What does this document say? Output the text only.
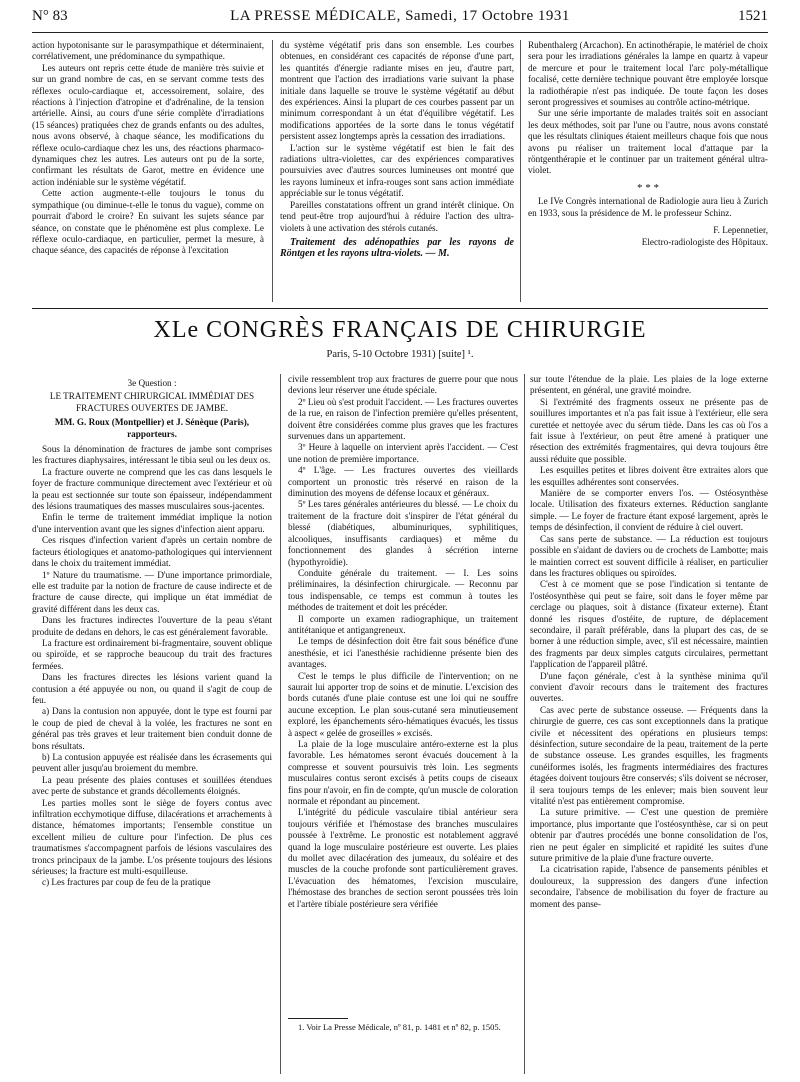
N° 83	LA PRESSE MÉDICALE, Samedi, 17 Octobre 1931	1521

action hypotonisante sur le parasympathique et déterminaient, corrélativement, une prédominance du sympathique.

Les auteurs ont repris cette étude de manière très suivie et sur un grand nombre de cas, en se servant comme tests des réflexes oculo-cardiaque et, accessoirement, solaire, des réactions à l'injection d'atropine et d'adrénaline, de la tension artérielle. Ainsi, au cours d'une série complète d'irradiations (15 séances) pratiquées chez de grands enfants ou des adultes, nous avons observé, à chaque séance, les modifications du réflexe oculo-cardiaque chez les uns, des réactions pharmaco-dynamiques chez les autres. Les auteurs ont pu de la sorte, confirmant les résultats de Garot, mettre en évidence une action indéniable sur le système végétatif.

Cette action augmente-t-elle toujours le tonus du sympathique (ou diminue-t-elle le tonus du vague), comme on pourrait d'abord le croire? En suivant les sujets séance par séance, on constate que le phénomène est plus complexe. Le réflexe oculo-cardiaque, en particulier, permet la mesure, à chaque séance, des capacités de réponse à l'excitation

du système végétatif pris dans son ensemble. Les courbes obtenues, en considérant ces capacités de réponse d'une part, les quantités d'énergie radiante mises en jeu, d'autre part, montrent que l'action des irradiations varie suivant la phase initiale dans laquelle se trouve le système végétatif au début des expériences. Ainsi la plupart de ces courbes passent par un minimum correspondant à un état d'équilibre végétatif. Les modifications apportées de la sorte dans le tonus végétatif persistent assez longtemps après la cessation des irradiations.

L'action sur le système végétatif est bien le fait des radiations ultra-violettes, car des expériences comparatives poursuivies avec d'autres sources lumineuses ont montré que les rayons lumineux et infra-rouges sont sans action immédiate appréciable sur le tonus végétatif.

Pareilles constatations offrent un grand intérêt clinique. On tend peut-être trop aujourd'hui à réduire l'action des ultra-violets à une activation des stérols cutanés.

Traitement des adénopathies par les rayons de Röntgen et les rayons ultra-violets. — M.

Rubenthalerg (Arcachon). En actinothérapie, le matériel de choix sera pour les irradiations générales la lampe en quartz à vapeur de mercure et pour le traitement local l'arc poly-métallique focalisé, cette dernière technique pouvant être employée lorsque la radiothérapie n'est pas indiquée. De toute façon les doses seront progressives et soumises au contrôle actino-métrique.

Sur une série importante de malades traités soit en associant les deux méthodes, soit par l'une ou l'autre, nous avons constaté que les résultats cliniques étaient meilleurs chaque fois que nous avons pu réaliser un traitement local d'attaque par la röntgenthérapie et le continuer par un traitement général ultra-violet.

* * *

Le IVe Congrès international de Radiologie aura lieu à Zurich en 1933, sous la présidence de M. le professeur Schinz.

F. Lepennetier,

Electro-radiologiste des Hôpitaux.

XLe CONGRÈS FRANÇAIS DE CHIRURGIE
Paris, 5-10 Octobre 1931) [suite] ¹.

3e Question :

LE TRAITEMENT CHIRURGICAL IMMÉDIAT DES FRACTURES OUVERTES DE JAMBE.

MM. G. Roux (Montpellier) et J. Sénèque (Paris), rapporteurs.

Sous la dénomination de fractures de jambe sont comprises les fractures diaphysaires, intéressant le tibia seul ou les deux os.

La fracture ouverte ne comprend que les cas dans lesquels le foyer de fracture communique directement avec l'extérieur et où la peau est sectionnée sur toute son épaisseur, indépendamment des lésions traumatiques des masses musculaires sous-jacentes.

Enfin le terme de traitement immédiat implique la notion d'une intervention avant que les signes d'infection aient apparu.

Ces risques d'infection varient d'après un certain nombre de facteurs étiologiques et anatomo-pathologiques qui interviennent dans le choix du traitement immédiat.

1º Nature du traumatisme. — D'une importance primordiale, elle est traduite par la notion de fracture de cause indirecte et de fracture de cause directe, qui implique un état immédiat de gravité différent dans les deux cas.

Dans les fractures indirectes l'ouverture de la peau s'étant produite de dedans en dehors, le cas est généralement favorable.

La fracture est ordinairement bi-fragmentaire, souvent oblique ou spiroïde, et se rapproche beaucoup du trait des fractures fermées.

Dans les fractures directes les lésions varient quand la contusion a été appuyée ou non, ou quand il s'agit de coup de feu.

a) Dans la contusion non appuyée, dont le type est fourni par le coup de pied de cheval à la volée, les fractures ne sont en général pas très graves et leur traitement bien conduit donne de bons résultats.

b) La contusion appuyée est réalisée dans les écrasements qui peuvent aller jusqu'au broiement du membre.

La peau présente des plaies contuses et souillées étendues avec perte de substance et grands décollements éloignés.

Les parties molles sont le siège de foyers contus avec infiltration ecchymotique diffuse, dilacérations et arrachements à distance, hématomes importants; l'ensemble constitue un excellent milieu de culture pour l'infection. De plus ces traumatismes s'accompagnent parfois de lésions vasculaires des troncs principaux de la jambe. L'os présente toujours des lésions sérieuses; la fracture est multi-esquilleuse.

c) Les fractures par coup de feu de la pratique

civile ressemblent trop aux fractures de guerre pour que nous devions leur réserver une étude spéciale.

2º Lieu où s'est produit l'accident. — Les fractures ouvertes de la rue, en raison de l'infection première qu'elles présentent, doivent être considérées comme plus graves que les fractures survenues dans un appartement.

3º Heure à laquelle on intervient après l'accident. — C'est une notion de première importance.

4º L'âge. — Les fractures ouvertes des vieillards comportent un pronostic très réservé en raison de la diminution des moyens de défense locaux et généraux.

5º Les tares générales antérieures du blessé. — Le choix du traitement de la fracture doit s'inspirer de l'état général du blessé (diabétiques, albuminuriques, syphilitiques, alcooliques, insuffisants cardiaques) et même du fonctionnement des glandes à sécrétion interne (hypothyroïdie).

Conduite générale du traitement. — I. Les soins préliminaires, la désinfection chirurgicale. — Reconnu par tous indispensable, ce temps est commun à toutes les méthodes de traitement et doit les précéder.

Il comporte un examen radiographique, un traitement antitétanique et antigangreneux.

Le temps de désinfection doit être fait sous bénéfice d'une anesthésie, et ici l'anesthésie rachidienne présente bien des avantages.

C'est le temps le plus difficile de l'intervention; on ne saurait lui apporter trop de soins et de minutie. L'excision des bords cutanés d'une plaie contuse est une loi qui ne souffre aucune exception. Le plan sous-cutané sera minutieusement exploré, les épanchements séro-hématiques évacués, les tissus à aspect « gelée de groseilles » excisés.

La plaie de la loge musculaire antéro-externe est la plus favorable. Les hématomes seront évacués doucement à la compresse et souvent poursuivis très loin. Les segments musculaires contus seront excisés à petits coups de ciseaux fins pour n'avoir, en fin de compte, qu'un muscle de coloration normale et répondant au pincement.

L'intégrité du pédicule vasculaire tibial antérieur sera toujours vérifiée et l'hémostase des branches musculaires poussée à l'extrême. Le pronostic est notablement aggravé quand la loge musculaire postérieure est ouverte. Les plaies du mollet avec dilacération des jumeaux, du soléaire et des muscles de la couche profonde sont particulièrement graves. L'évacuation des hématomes, l'excision musculaire, l'hémostase des branches de section seront poussées très loin et l'artère tibiale postérieure sera vérifiée

1. Voir La Presse Médicale, nº 81, p. 1481 et nº 82, p. 1505.

sur toute l'étendue de la plaie. Les plaies de la loge externe présentent, en général, une gravité moindre.

Si l'extrémité des fragments osseux ne présente pas de souillures importantes et n'a pas fait issue à l'extérieur, elle sera curettée et nettoyée avec du sérum tiède. Dans les cas où l'os a fait issue à l'extérieur, on peut être amené à pratiquer une résection des extrémités fragmentaires, qui devra toujours être aussi réduite que possible.

Les esquilles petites et libres doivent être extraites alors que les esquilles adhérentes sont conservées.

Manière de se comporter envers l'os. — Ostéosynthèse locale. Utilisation des fixateurs externes. Réduction sanglante simple. — Le foyer de fracture étant exposé largement, après le temps de désinfection, il convient de réduire à ciel ouvert.

Cas sans perte de substance. — La réduction est toujours possible en s'aidant de daviers ou de crochets de Lambotte; mais le maintien correct est souvent difficile à réaliser, en particulier dans les fractures obliques ou spiroïdes.

C'est à ce moment que se pose l'indication si tentante de l'ostéosynthèse qui peut se faire, soit dans le foyer même par cerclage ou plaques, soit à distance (fixateur externe). Étant donné les risques d'ostéite, de rupture, de déplacement secondaire, il paraît préférable, dans la plupart des cas, de se borner à une réduction simple, avec, s'il est nécessaire, maintien des fragments par deux simples catguts circulaires, permettant l'application de l'appareil plâtré.

D'une façon générale, c'est à la synthèse minima qu'il convient d'avoir recours dans le traitement des fractures ouvertes.

Cas avec perte de substance osseuse. — Fréquents dans la chirurgie de guerre, ces cas sont exceptionnels dans la pratique civile et nécessitent des opérations en plusieurs temps: désinfection, suture secondaire de la peau, traitement de la perte de substance osseuse. Les grandes esquilles, les fragments cunéiformes isolés, les fragments intermédiaires des fractures étagées doivent toujours être conservés; s'ils doivent se nécroser, il sera toujours temps de les enlever; mais bien souvent leur vitalité n'est pas entièrement compromise.

La suture primitive. — C'est une question de première importance, plus importante que l'ostéosynthèse, car si on peut obtenir par d'autres procédés une bonne consolidation de l'os, rien ne peut égaler en simplicité et rapidité les suites d'une suture primitive de la plaie d'une fracture ouverte.

La cicatrisation rapide, l'absence de pansements pénibles et douloureux, la suppression des dangers d'une infection secondaire, l'absence de mobilisation du foyer de fracture au moment des panse-
